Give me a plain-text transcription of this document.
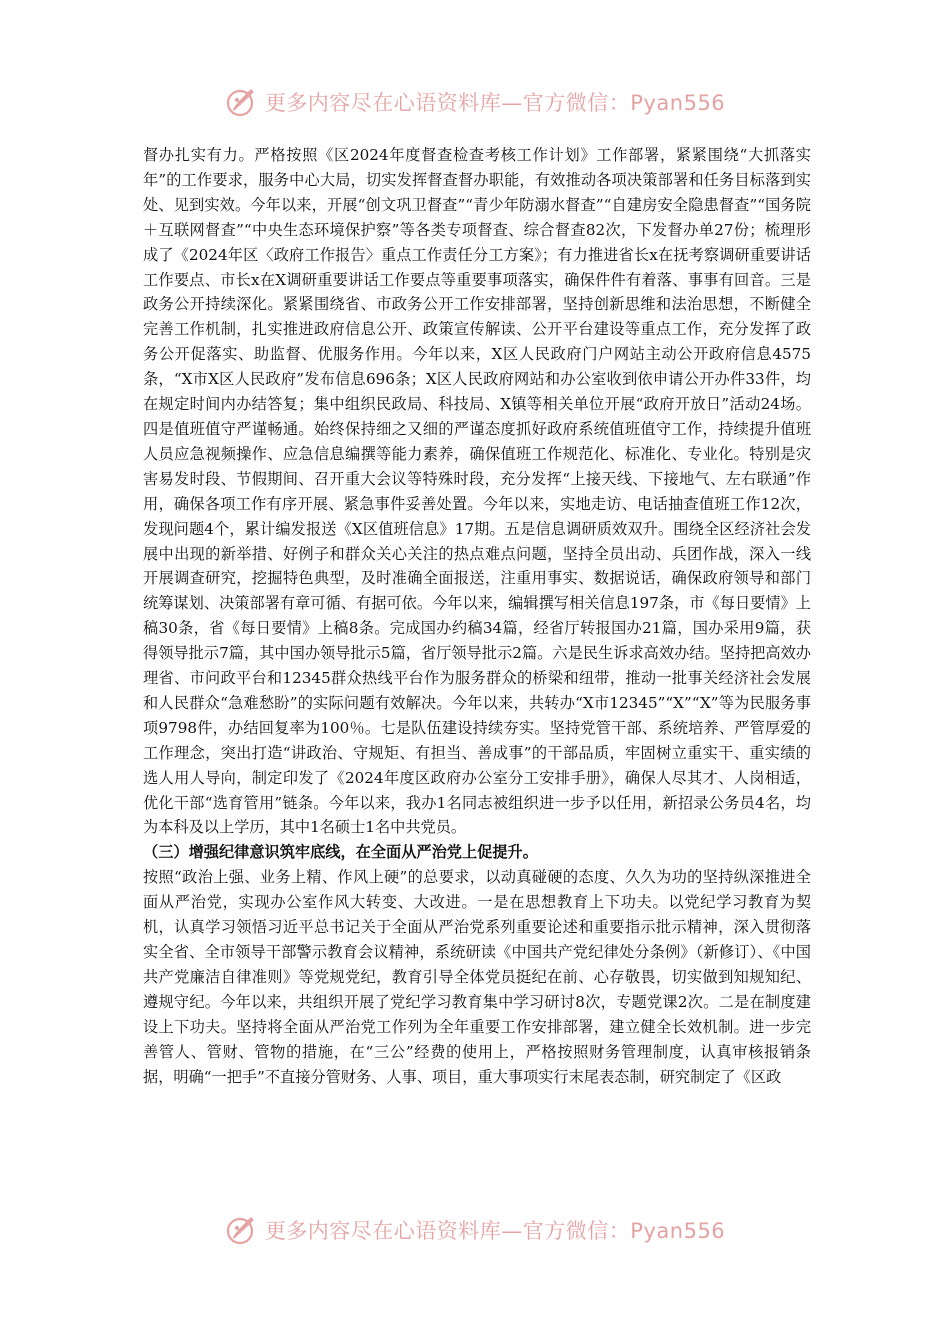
更多内容尽在心语资料库—官方微信：Pyan556

督办扎实有力。严格按照《区2024年度督查检查考核工作计划》工作部署，紧紧围绕“大抓落实年”的工作要求，服务中心大局，切实发挥督查督办职能，有效推动各项决策部署和任务目标落到实处、见到实效。今年以来，开展“创文巩卫督查”“青少年防溺水督查”“自建房安全隐患督查”“国务院＋互联网督查”“中央生态环境保护察”等各类专项督查、综合督查82次，下发督办单27份；梳理形成了《2024年区〈政府工作报告〉重点工作责任分工方案》；有力推进省长x在抚考察调研重要讲话工作要点、市长x在X调研重要讲话工作要点等重要事项落实，确保件件有着落、事事有回音。三是政务公开持续深化。紧紧围绕省、市政务公开工作安排部署，坚持创新思维和法治思想，不断健全完善工作机制，扎实推进政府信息公开、政策宣传解读、公开平台建设等重点工作，充分发挥了政务公开促落实、助监督、优服务作用。今年以来，X区人民政府门户网站主动公开政府信息4575条，“X市X区人民政府”发布信息696条；X区人民政府网站和办公室收到依申请公开办件33件，均在规定时间内办结答复；集中组织民政局、科技局、X镇等相关单位开展“政府开放日”活动24场。四是值班值守严谨畅通。始终保持细之又细的严谨态度抓好政府系统值班值守工作，持续提升值班人员应急视频操作、应急信息编撰等能力素养，确保值班工作规范化、标准化、专业化。特别是灾害易发时段、节假期间、召开重大会议等特殊时段，充分发挥“上接天线、下接地气、左右联通”作用，确保各项工作有序开展、紧急事件妥善处置。今年以来，实地走访、电话抽查值班工作12次，发现问题4个，累计编发报送《X区值班信息》17期。五是信息调研质效双升。围绕全区经济社会发展中出现的新举措、好例子和群众关心关注的热点难点问题，坚持全员出动、兵团作战，深入一线开展调查研究，挖掘特色典型，及时准确全面报送，注重用事实、数据说话，确保政府领导和部门统筹谋划、决策部署有章可循、有据可依。今年以来，编辑撰写相关信息197条，市《每日要情》上稿30条，省《每日要情》上稿8条。完成国办约稿34篇，经省厅转报国办21篇，国办采用9篇，获得领导批示7篇，其中国办领导批示5篇，省厅领导批示2篇。六是民生诉求高效办结。坚持把高效办理省、市问政平台和12345群众热线平台作为服务群众的桥梁和纽带，推动一批事关经济社会发展和人民群众“急难愁盼”的实际问题有效解决。今年以来，共转办“X市12345”“X”“X”等为民服务事项9798件，办结回复率为100％。七是队伍建设持续夯实。坚持党管干部、系统培养、严管厚爱的工作理念，突出打造“讲政治、守规矩、有担当、善成事”的干部品质，牢固树立重实干、重实绩的选人用人导向，制定印发了《2024年度区政府办公室分工安排手册》，确保人尽其才、人岗相适，优化干部“选育管用”链条。今年以来，我办1名同志被组织进一步予以任用，新招录公务员4名，均为本科及以上学历，其中1名硕士1名中共党员。

（三）增强纪律意识筑牢底线，在全面从严治党上促提升。

按照“政治上强、业务上精、作风上硬”的总要求，以动真碰硬的态度、久久为功的坚持纵深推进全面从严治党，实现办公室作风大转变、大改进。一是在思想教育上下功夫。以党纪学习教育为契机，认真学习领悟习近平总书记关于全面从严治党系列重要论述和重要指示批示精神，深入贯彻落实全省、全市领导干部警示教育会议精神，系统研读《中国共产党纪律处分条例》（新修订）、《中国共产党廉洁自律准则》等党规党纪，教育引导全体党员挺纪在前、心存敬畏，切实做到知规知纪、遵规守纪。今年以来，共组织开展了党纪学习教育集中学习研讨8次，专题党课2次。二是在制度建设上下功夫。坚持将全面从严治党工作列为全年重要工作安排部署，建立健全长效机制。进一步完善管人、管财、管物的措施，在“三公”经费的使用上，严格按照财务管理制度，认真审核报销条据，明确“一把手”不直接分管财务、人事、项目，重大事项实行末尾表态制，研究制定了《区政

更多内容尽在心语资料库—官方微信：Pyan556
